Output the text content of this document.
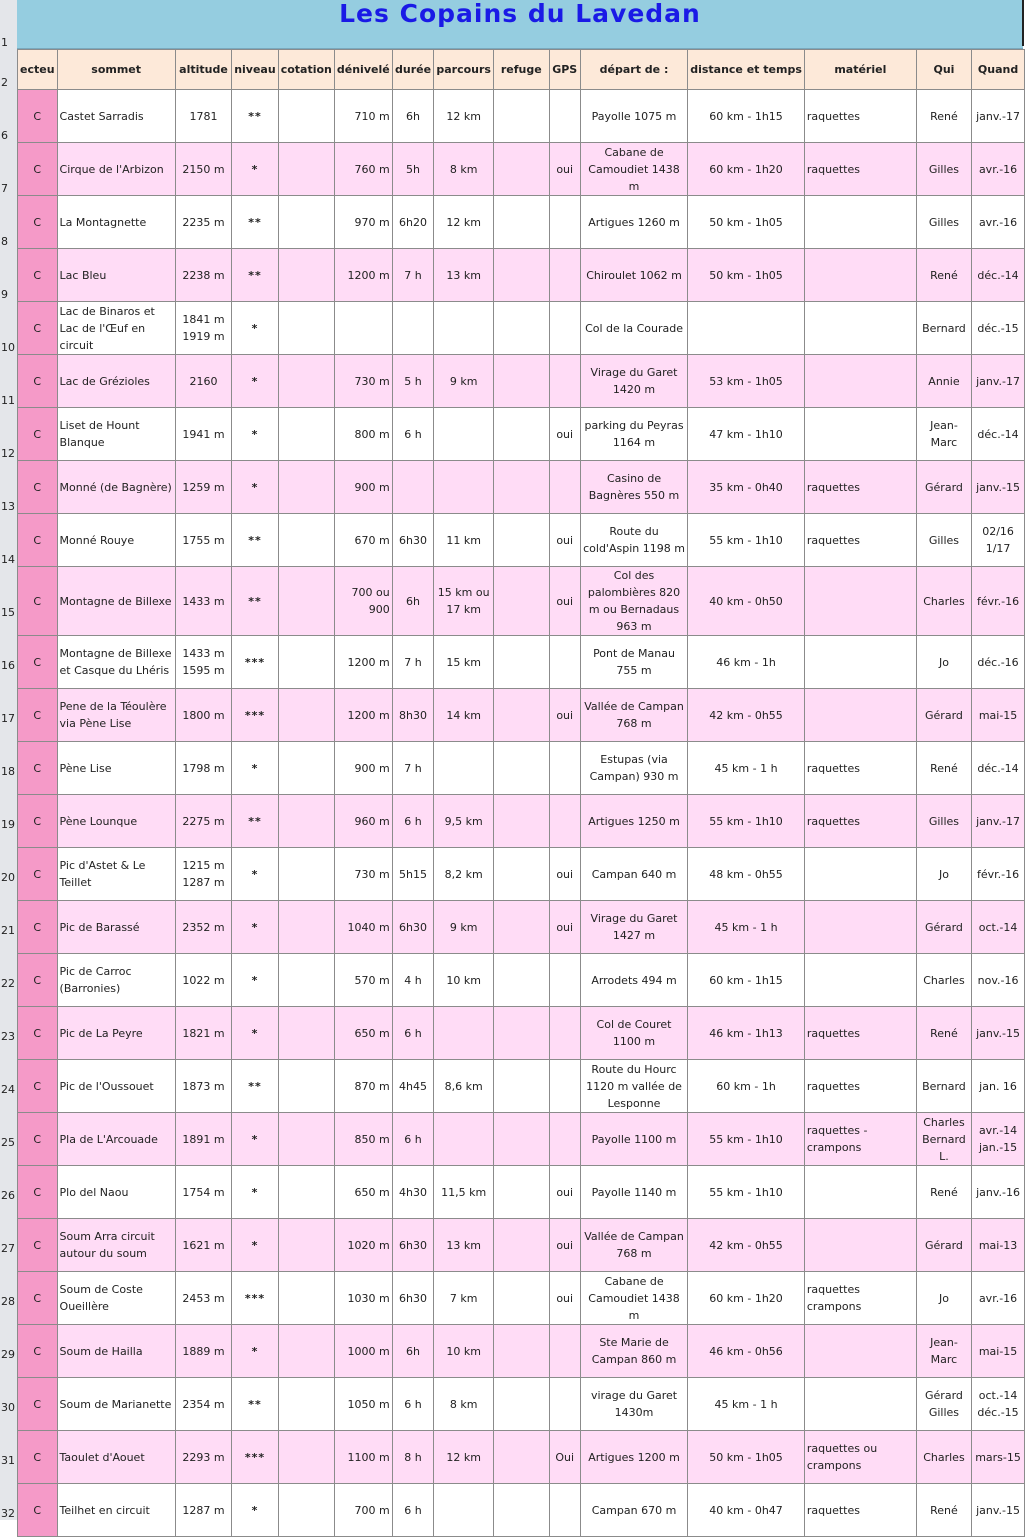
1
2
6
7
8
9
10
11
12
13
14
15
16
17
18
19
20
21
22
23
24
25
26
27
28
29
30
31
32
Les Copains du Lavedan
ecteu	sommet	altitude	niveau	cotation	dénivelé	durée	parcours	refuge	GPS	départ de :	distance et temps	matériel	Qui	Quand
C	Castet Sarradis	1781	**		710 m	6h	12 km			Payolle 1075 m	60 km - 1h15	raquettes	René	janv.-17
C	Cirque de l'Arbizon	2150 m	*		760 m	5h	8 km		oui	Cabane de Camoudiet 1438 m	60 km - 1h20	raquettes	Gilles	avr.-16
C	La Montagnette	2235 m	**		970 m	6h20	12 km			Artigues 1260 m	50 km - 1h05		Gilles	avr.-16
C	Lac Bleu	2238 m	**		1200 m	7 h	13 km			Chiroulet 1062 m	50 km - 1h05		René	déc.-14
C	Lac de Binaros et Lac de l'Œuf en circuit	1841 m 1919 m	*							Col de la Courade			Bernard	déc.-15
C	Lac de Grézioles	2160	*		730 m	5 h	9 km			Virage du Garet 1420 m	53 km - 1h05		Annie	janv.-17
C	Liset de Hount Blanque	1941 m	*		800 m	6 h			oui	parking du Peyras 1164 m	47 km - 1h10		Jean-Marc	déc.-14
C	Monné (de Bagnère)	1259 m	*		900 m					Casino de Bagnères 550 m	35 km - 0h40	raquettes	Gérard	janv.-15
C	Monné Rouye	1755 m	**		670 m	6h30	11 km		oui	Route du cold'Aspin 1198 m	55 km - 1h10	raquettes	Gilles	02/16 1/17
C	Montagne de Billexe	1433 m	**		700 ou 900	6h	15 km ou 17 km		oui	Col des palombières 820 m ou Bernadaus 963 m	40 km - 0h50		Charles	févr.-16
C	Montagne de Billexe et Casque du Lhéris	1433 m 1595 m	***		1200 m	7 h	15 km			Pont de Manau 755 m	46 km - 1h		Jo	déc.-16
C	Pene de la Téoulère via Pène Lise	1800 m	***		1200 m	8h30	14 km		oui	Vallée de Campan 768 m	42 km - 0h55		Gérard	mai-15
C	Pène Lise	1798 m	*		900 m	7 h				Estupas (via Campan) 930 m	45 km - 1 h	raquettes	René	déc.-14
C	Pène Lounque	2275 m	**		960 m	6 h	9,5 km			Artigues 1250 m	55 km - 1h10	raquettes	Gilles	janv.-17
C	Pic d'Astet & Le Teillet	1215 m 1287 m	*		730 m	5h15	8,2 km		oui	Campan 640 m	48 km - 0h55		Jo	févr.-16
C	Pic de Barassé	2352 m	*		1040 m	6h30	9 km		oui	Virage du Garet 1427 m	45 km - 1 h		Gérard	oct.-14
C	Pic de Carroc (Barronies)	1022 m	*		570 m	4 h	10 km			Arrodets 494 m	60 km - 1h15		Charles	nov.-16
C	Pic de La Peyre	1821 m	*		650 m	6 h				Col de Couret 1100 m	46 km - 1h13	raquettes	René	janv.-15
C	Pic de l'Oussouet	1873 m	**		870 m	4h45	8,6 km			Route du Hourc 1120 m vallée de Lesponne	60 km - 1h	raquettes	Bernard	jan. 16
C	Pla de L'Arcouade	1891 m	*		850 m	6 h				Payolle 1100 m	55 km - 1h10	raquettes - crampons	Charles Bernard L.	avr.-14 jan.-15
C	Plo del Naou	1754 m	*		650 m	4h30	11,5 km		oui	Payolle 1140 m	55 km - 1h10		René	janv.-16
C	Soum Arra circuit autour du soum	1621 m	*		1020 m	6h30	13 km		oui	Vallée de Campan 768 m	42 km - 0h55		Gérard	mai-13
C	Soum de Coste Oueillère	2453 m	***		1030 m	6h30	7 km		oui	Cabane de Camoudiet 1438 m	60 km - 1h20	raquettes crampons	Jo	avr.-16
C	Soum de Hailla	1889 m	*		1000 m	6h	10 km			Ste Marie de Campan 860 m	46 km - 0h56		Jean-Marc	mai-15
C	Soum de Marianette	2354 m	**		1050 m	6 h	8 km			virage du Garet 1430m	45 km - 1 h		Gérard Gilles	oct.-14 déc.-15
C	Taoulet d'Aouet	2293 m	***		1100 m	8 h	12 km		Oui	Artigues 1200 m	50 km - 1h05	raquettes ou crampons	Charles	mars-15
C	Teilhet en circuit	1287 m	*		700 m	6 h				Campan 670 m	40 km - 0h47	raquettes	René	janv.-15
